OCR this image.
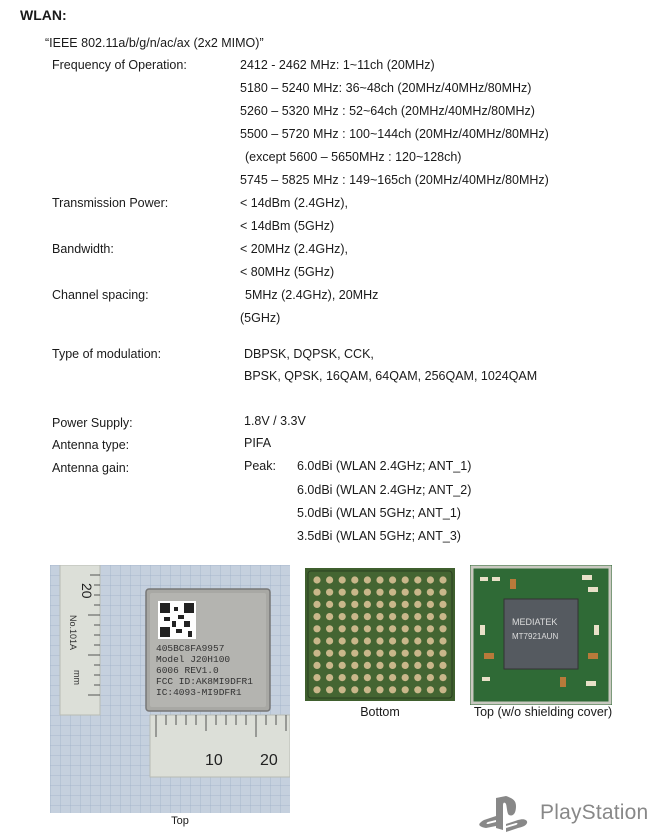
WLAN:
“IEEE 802.11a/b/g/n/ac/ax (2x2 MIMO)”
Frequency of Operation:	2412 - 2462 MHz: 1~11ch (20MHz)
5180 – 5240 MHz: 36~48ch (20MHz/40MHz/80MHz)
5260 – 5320 MHz : 52~64ch (20MHz/40MHz/80MHz)
5500 – 5720 MHz : 100~144ch (20MHz/40MHz/80MHz)
(except 5600 – 5650MHz : 120~128ch)
5745 – 5825 MHz : 149~165ch (20MHz/40MHz/80MHz)
Transmission Power:	< 14dBm (2.4GHz),
< 14dBm (5GHz)
Bandwidth:	< 20MHz (2.4GHz),
< 80MHz (5GHz)
Channel spacing:	5MHz (2.4GHz), 20MHz
(5GHz)
Type of modulation:	DBPSK, DQPSK, CCK,
BPSK, QPSK, 16QAM, 64QAM, 256QAM, 1024QAM
Power Supply:	1.8V / 3.3V
Antenna type:	PIFA
Antenna gain:	Peak: 6.0dBi (WLAN 2.4GHz; ANT_1)
6.0dBi (WLAN 2.4GHz; ANT_2)
5.0dBi (WLAN 5GHz; ANT_1)
3.5dBi (WLAN 5GHz; ANT_3)
20
No.101A
mm
405BC8FA9957
Model J20H100
6006 REV1.0
FCC ID:AK8MI9DFR1
IC:4093-MI9DFR1
10 20
Top
Bottom
MEDIATEK
MT7921AUN
Top (w/o shielding cover)
PlayStation
